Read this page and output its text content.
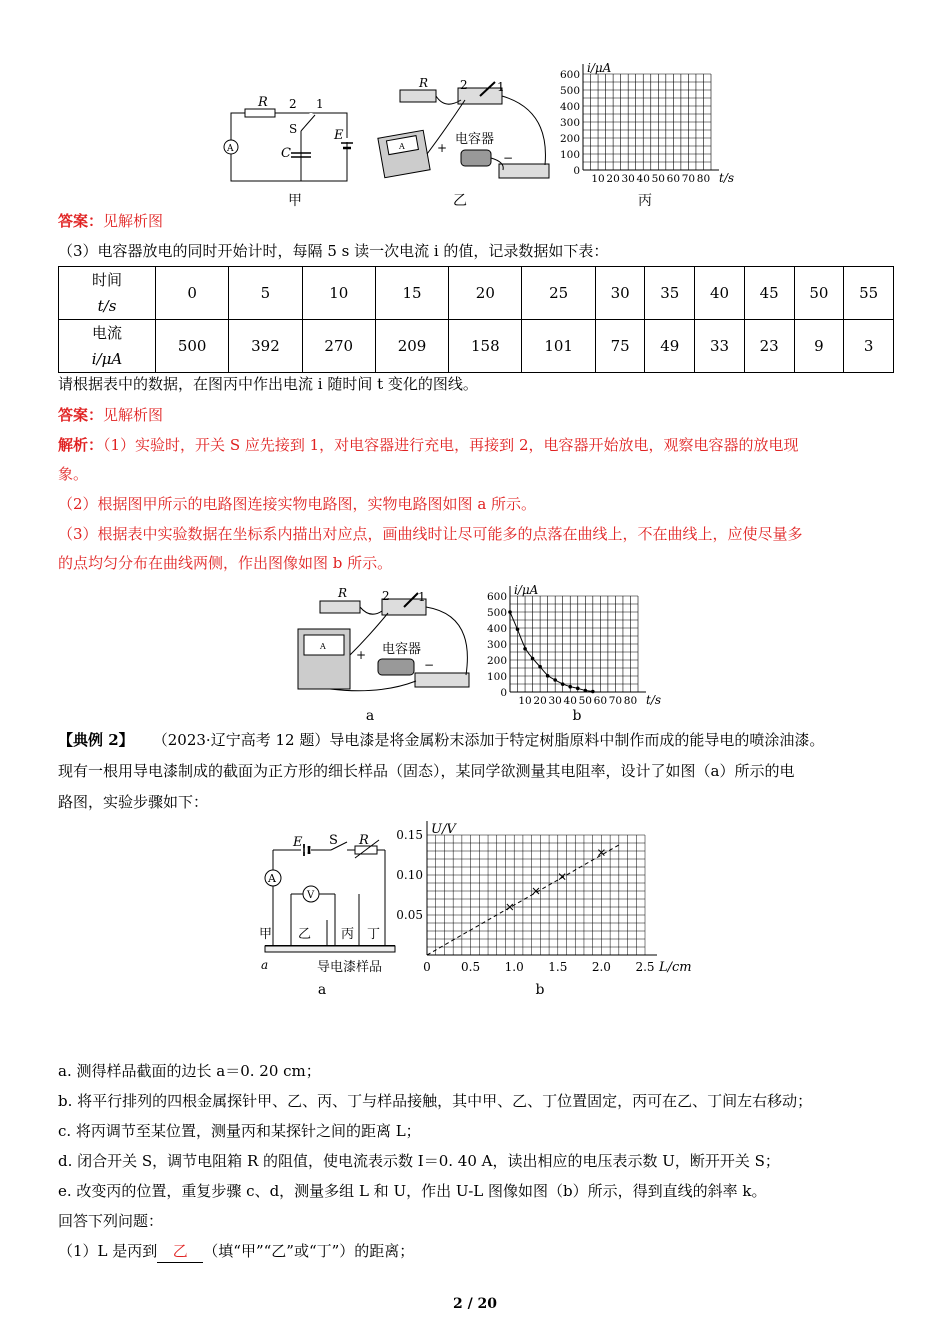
A
R 2 1
S	E
C
甲
A
R	2 1
电容器
+
−
乙
600
500
400
300
200
100
0
10 20 30 40 50 60 70 80
i/μA
t/s
丙
答案：见解析图
（3）电容器放电的同时开始计时，每隔 5 s 读一次电流 i 的值，记录数据如下表：
时间
t/s	0	5	10	15	20	25	30	35	40	45	50	55

电流
i/μA	500	392	270	209	158	101	75	49	33	23	9	3
请根据表中的数据，在图丙中作出电流 i 随时间 t 变化的图线。
答案：见解析图
解析：（1）实验时，开关 S 应先接到 1，对电容器进行充电，再接到 2，电容器开始放电，观察电容器的放电现
象。
（2）根据图甲所示的电路图连接实物电路图，实物电路图如图 a 所示。
（3）根据表中实验数据在坐标系内描出对应点，画曲线时让尽可能多的点落在曲线上，不在曲线上，应使尽量多
的点均匀分布在曲线两侧，作出图像如图 b 所示。
A
R	2 1
电容器
+
−
a
600
500
400
300
200
100
0
10 20 30 40 50 60 70 80
i/μA
t/s
b
【典例 2】 （2023·辽宁高考 12 题）导电漆是将金属粉末添加于特定树脂原料中制作而成的能导电的喷涂油漆。
现有一根用导电漆制成的截面为正方形的细长样品（固态），某同学欲测量其电阻率，设计了如图（a）所示的电
路图，实验步骤如下：
A
V
E S R
甲 乙 丙 丁
a	导电漆样品
a
0.15
0.10
0.05
0	0.5 1.0 1.5 2.0 2.5
U/V
L/cm
b
a. 测得样品截面的边长 a＝0. 20 cm；
b. 将平行排列的四根金属探针甲、乙、丙、丁与样品接触，其中甲、乙、丁位置固定，丙可在乙、丁间左右移动；
c. 将丙调节至某位置，测量丙和某探针之间的距离 L；
d. 闭合开关 S，调节电阻箱 R 的阻值，使电流表示数 I＝0. 40 A，读出相应的电压表示数 U，断开开关 S；
e. 改变丙的位置，重复步骤 c、d，测量多组 L 和 U，作出 U-L 图像如图（b）所示，得到直线的斜率 k。
回答下列问题：
（1）L 是丙到 乙 （填“甲”“乙”或“丁”）的距离；
2 / 20
